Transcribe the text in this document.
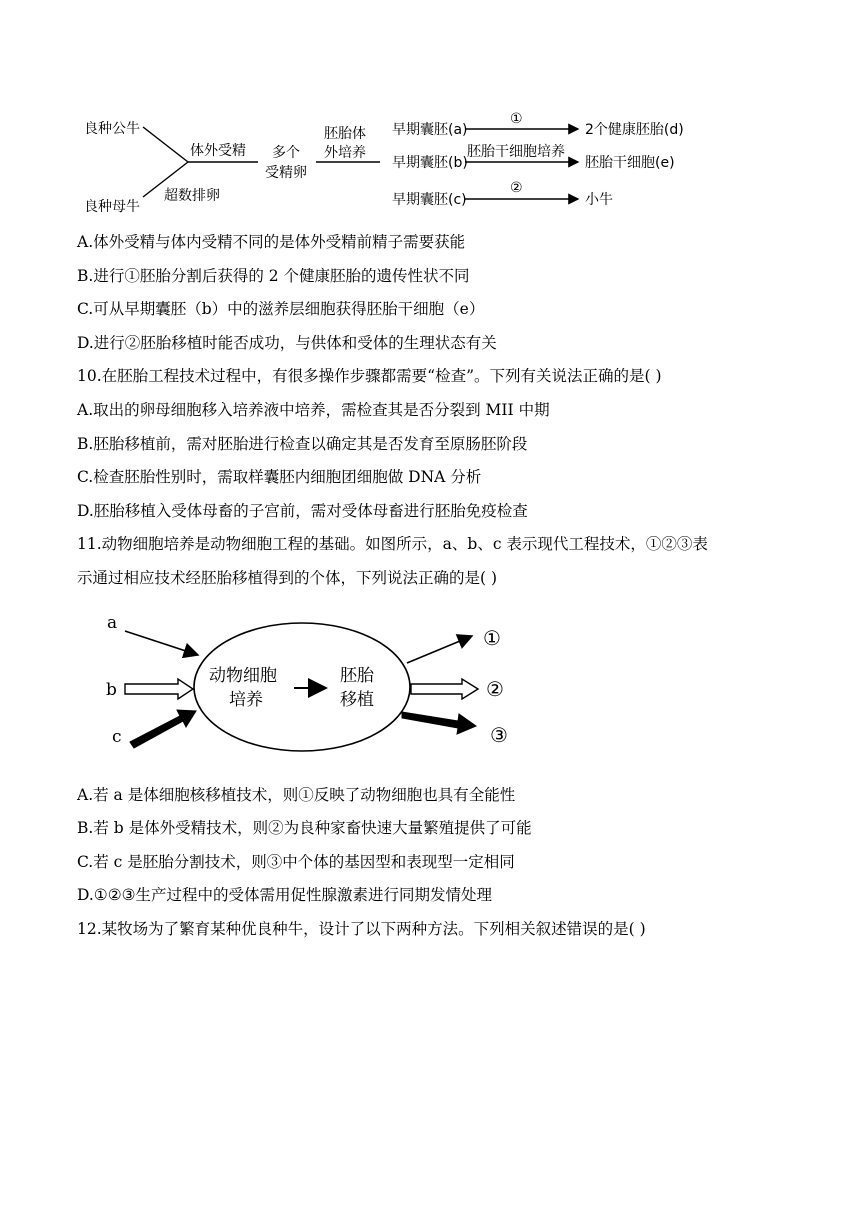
良种公牛
良种母牛
体外受精
超数排卵
多个
受精卵
胚胎体
外培养
早期囊胚(a)
早期囊胚(b)
早期囊胚(c)
①
胚胎干细胞培养
②
2个健康胚胎(d)
胚胎干细胞(e)
小牛
A.体外受精与体内受精不同的是体外受精前精子需要获能
B.进行①胚胎分割后获得的 2 个健康胚胎的遗传性状不同
C.可从早期囊胚（b）中的滋养层细胞获得胚胎干细胞（e）
D.进行②胚胎移植时能否成功，与供体和受体的生理状态有关
10.在胚胎工程技术过程中，有很多操作步骤都需要“检查”。下列有关说法正确的是( )
A.取出的卵母细胞移入培养液中培养，需检查其是否分裂到 MII 中期
B.胚胎移植前，需对胚胎进行检查以确定其是否发育至原肠胚阶段
C.检查胚胎性别时，需取样囊胚内细胞团细胞做 DNA 分析
D.胚胎移植入受体母畜的子宫前，需对受体母畜进行胚胎免疫检查
11.动物细胞培养是动物细胞工程的基础。如图所示，a、b、c 表示现代工程技术，①②③表
示通过相应技术经胚胎移植得到的个体，下列说法正确的是( )
a
b
c
动物细胞
培养
胚胎
移植
①
②
③
A.若 a 是体细胞核移植技术，则①反映了动物细胞也具有全能性
B.若 b 是体外受精技术，则②为良种家畜快速大量繁殖提供了可能
C.若 c 是胚胎分割技术，则③中个体的基因型和表现型一定相同
D.①②③生产过程中的受体需用促性腺激素进行同期发情处理
12.某牧场为了繁育某种优良种牛，设计了以下两种方法。下列相关叙述错误的是( )
